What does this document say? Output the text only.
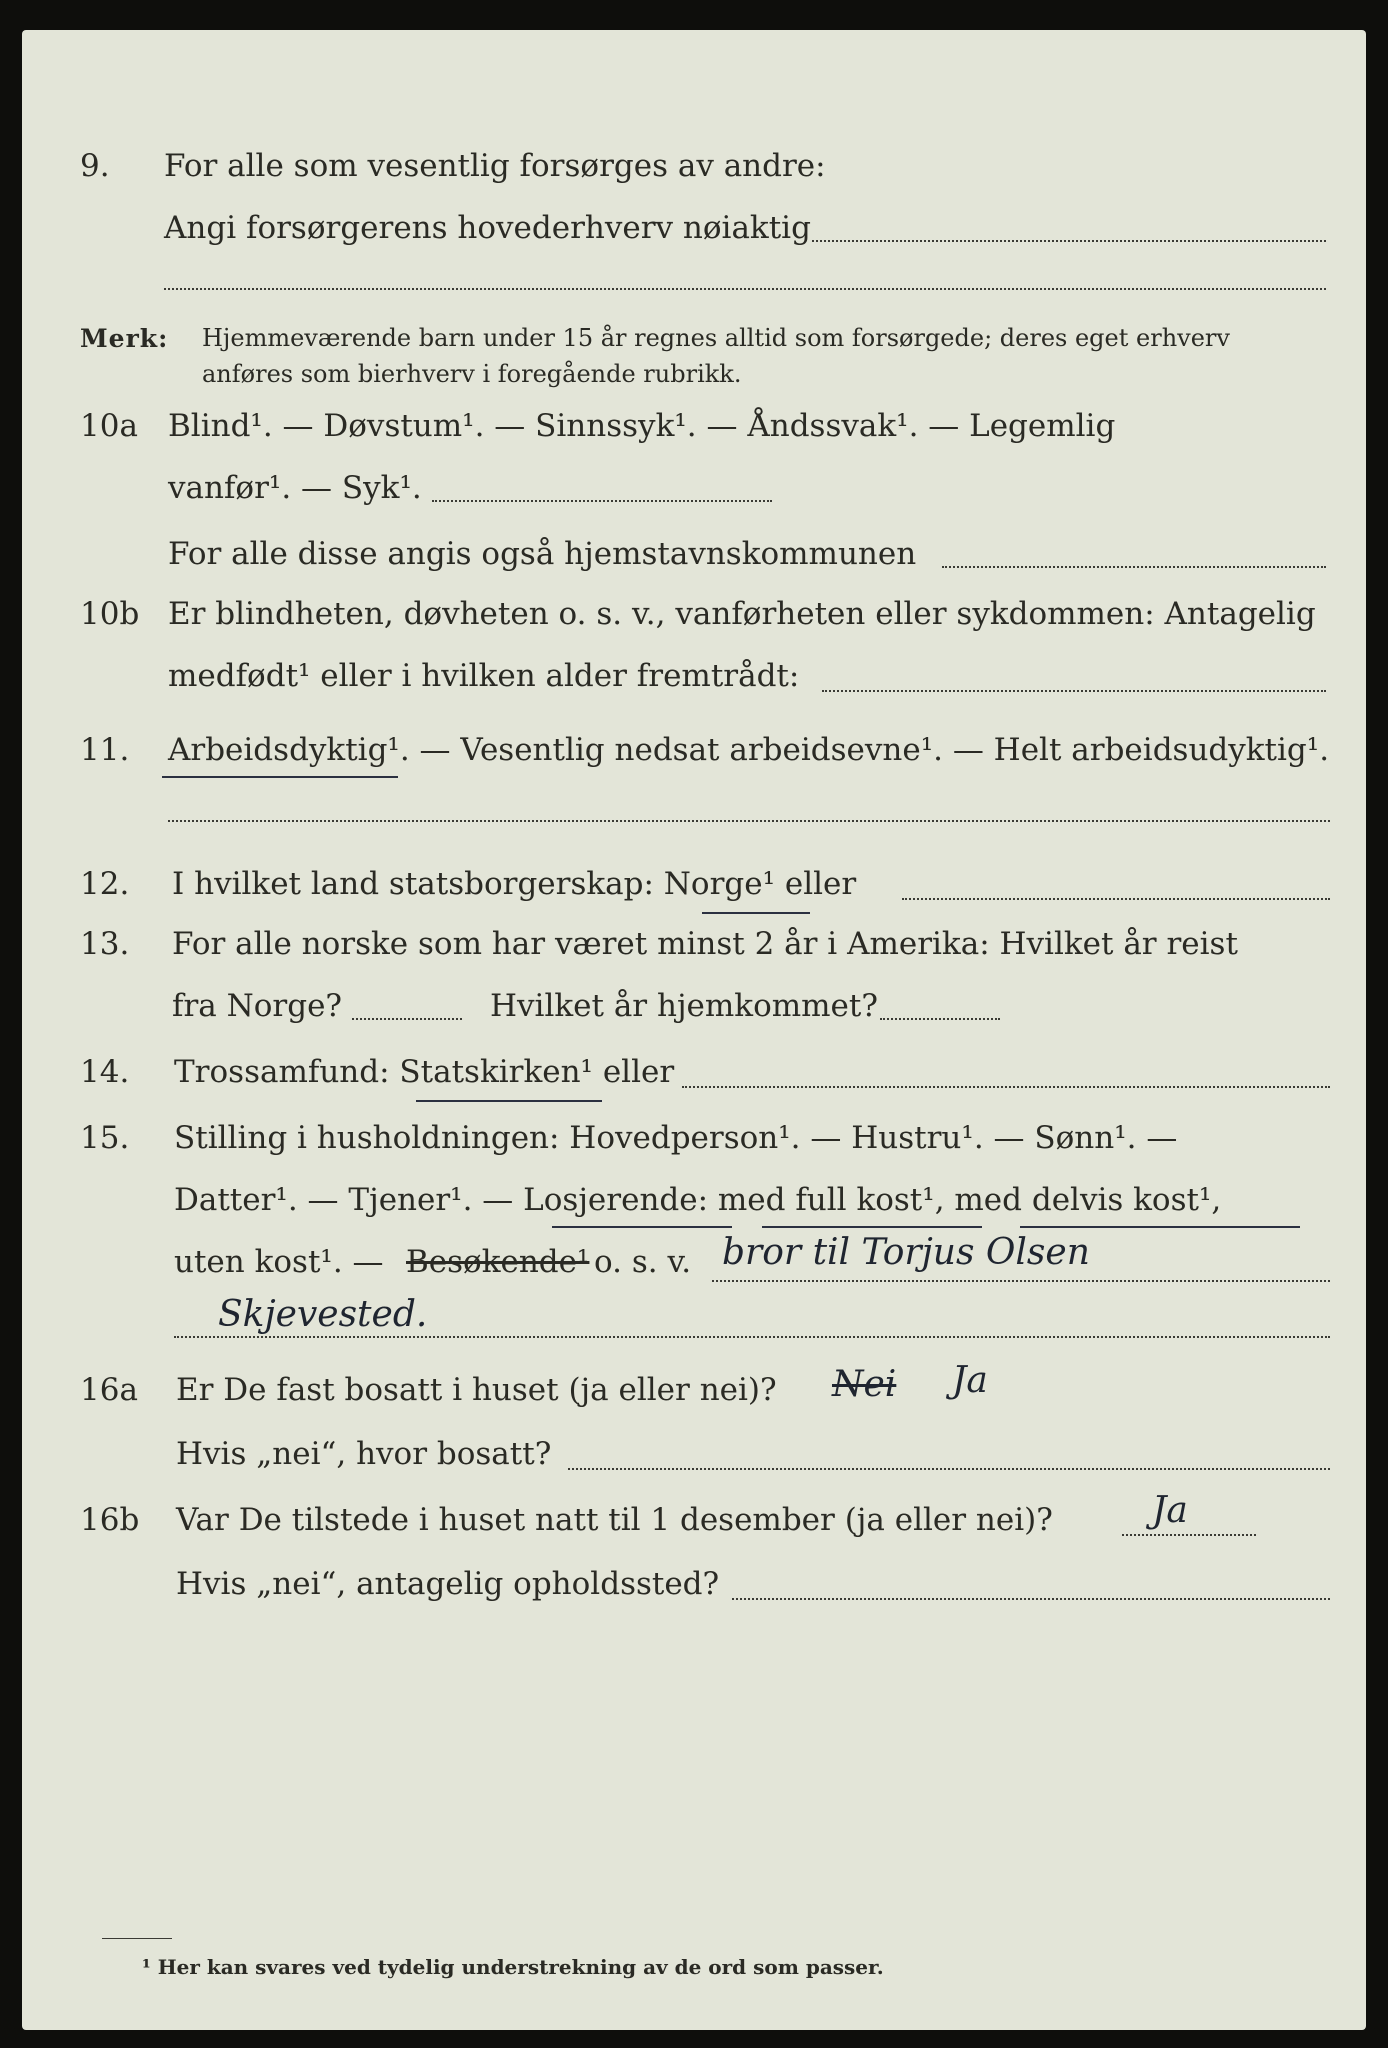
9. For alle som vesentlig forsørges av andre:
Angi forsørgerens hovederhverv nøiaktig
Merk: Hjemmeværende barn under 15 år regnes alltid som forsørgede; deres eget erhverv
anføres som bierhverv i foregående rubrikk.
10a Blind¹. — Døvstum¹. — Sinnssyk¹. — Åndssvak¹. — Legemlig
vanfør¹. — Syk¹.
For alle disse angis også hjemstavnskommunen
10b Er blindheten, døvheten o. s. v., vanførheten eller sykdommen: Antagelig
medfødt¹ eller i hvilken alder fremtrådt:
11. Arbeidsdyktig¹. — Vesentlig nedsat arbeidsevne¹. — Helt arbeidsudyktig¹.
12. I hvilket land statsborgerskap: Norge¹ eller
13. For alle norske som har været minst 2 år i Amerika: Hvilket år reist
fra Norge?	Hvilket år hjemkommet?
14. Trossamfund: Statskirken¹ eller
15. Stilling i husholdningen: Hovedperson¹. — Hustru¹. — Sønn¹. —
Datter¹. — Tjener¹. — Losjerende: med full kost¹, med delvis kost¹,
uten kost¹. — Besøkende¹ o. s. v. bror til Torjus Olsen
Skjevested.
16a Er De fast bosatt i huset (ja eller nei)? Nei Ja
Hvis „nei“, hvor bosatt?
16b Var De tilstede i huset natt til 1 desember (ja eller nei)?	Ja
Hvis „nei“, antagelig opholdssted?
¹ Her kan svares ved tydelig understrekning av de ord som passer.
